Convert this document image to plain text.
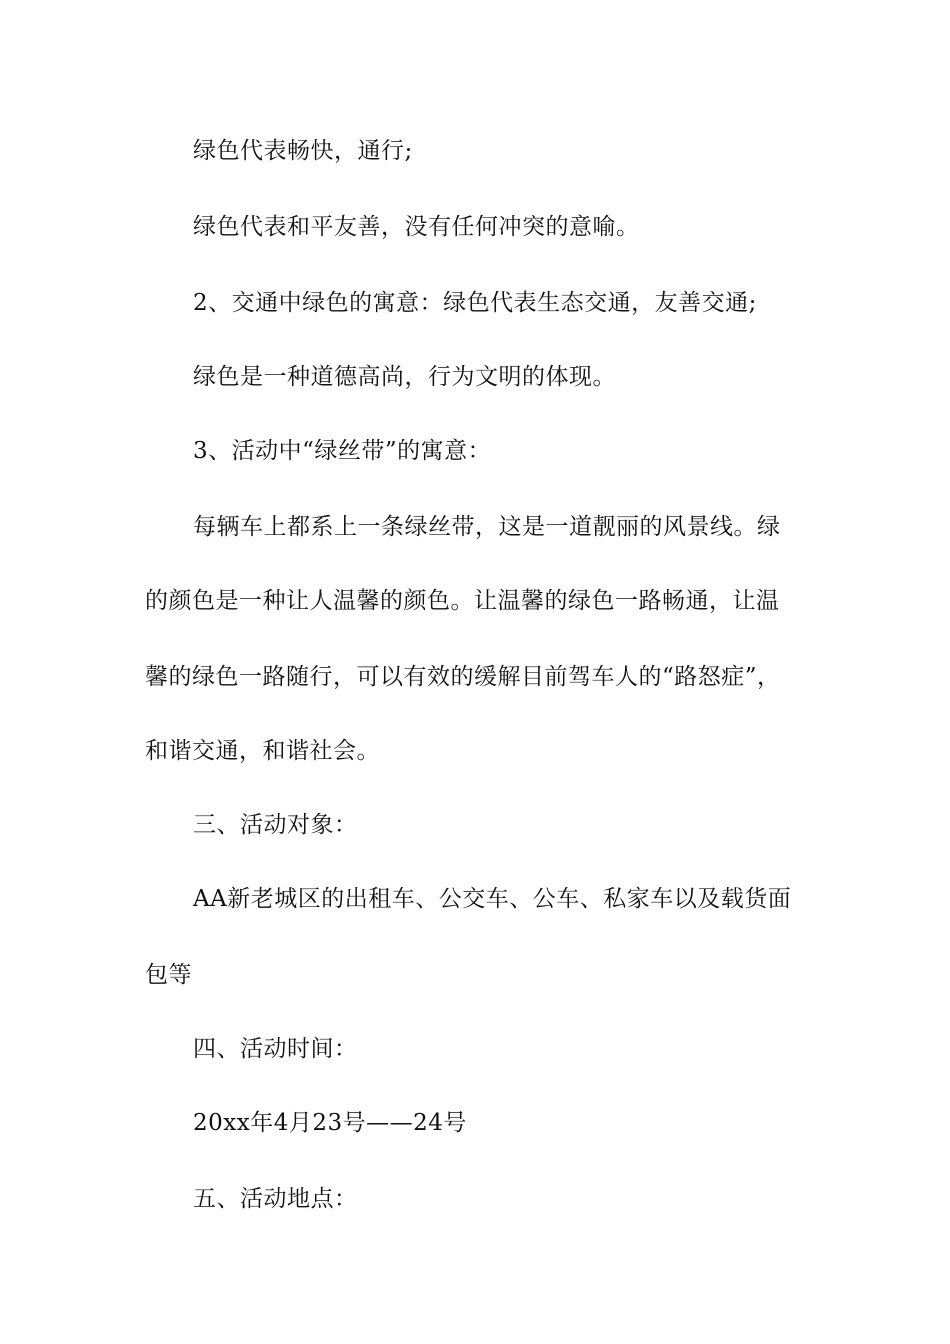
绿色代表畅快，通行;
绿色代表和平友善，没有任何冲突的意喻。
2、交通中绿色的寓意：绿色代表生态交通，友善交通;
绿色是一种道德高尚，行为文明的体现。
3、活动中“绿丝带”的寓意：
每辆车上都系上一条绿丝带，这是一道靓丽的风景线。绿
的颜色是一种让人温馨的颜色。让温馨的绿色一路畅通，让温
馨的绿色一路随行，可以有效的缓解目前驾车人的“路怒症”，
和谐交通，和谐社会。
三、活动对象：
AA新老城区的出租车、公交车、公车、私家车以及载货面
包等
四、活动时间：
20xx年4月23号——24号
五、活动地点：
